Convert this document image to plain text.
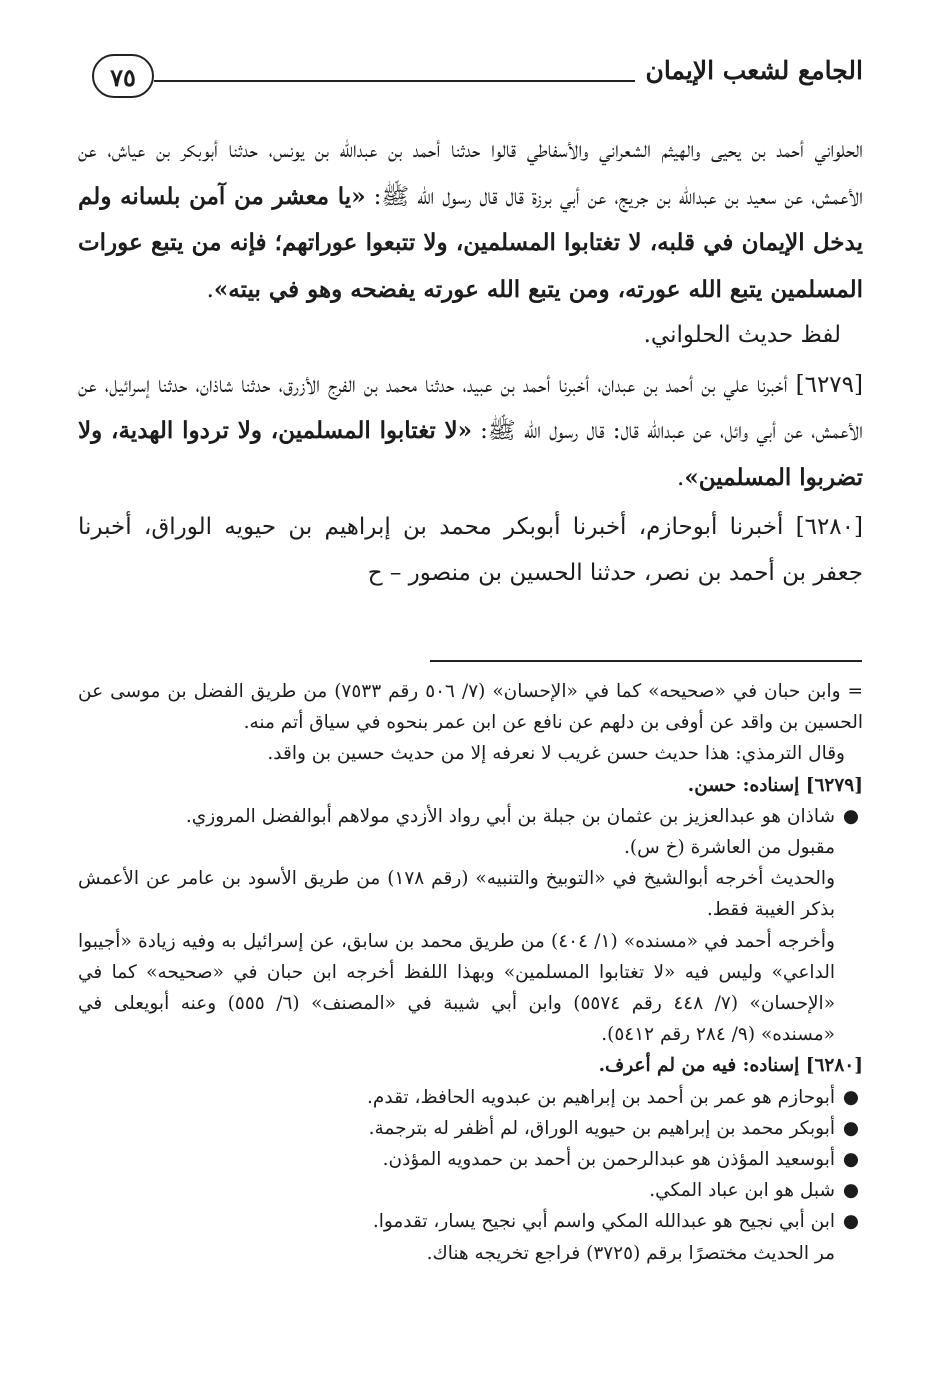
الجامع لشعب الإيمان
٧٥

الحلواني أحمد بن يحيى والهيثم الشعراني والأسفاطي قالوا حدثنا أحمد بن عبدالله بن يونس، حدثنا أبوبكر بن عياش، عن الأعمش، عن سعيد بن عبدالله بن جريج، عن أبي برزة قال قال رسول الله ﷺ: «يا معشر من آمن بلسانه ولم يدخل الإيمان في قلبه، لا تغتابوا المسلمين، ولا تتبعوا عوراتهم؛ فإنه من يتبع عورات المسلمين يتبع الله عورته، ومن يتبع الله عورته يفضحه وهو في بيته».

لفظ حديث الحلواني.

[٦٢٧٩] أخبرنا علي بن أحمد بن عبدان، أخبرنا أحمد بن عبيد، حدثنا محمد بن الفرج الأزرق، حدثنا شاذان، حدثنا إسرائيل، عن الأعمش، عن أبي وائل، عن عبدالله قال: قال رسول الله ﷺ: «لا تغتابوا المسلمين، ولا تردوا الهدية، ولا تضربوا المسلمين».

[٦٢٨٠] أخبرنا أبوحازم، أخبرنا أبوبكر محمد بن إبراهيم بن حيويه الوراق، أخبرنا جعفر بن أحمد بن نصر، حدثنا الحسين بن منصور – ح

= وابن حبان في «صحيحه» كما في «الإحسان» (٧/ ٥٠٦ رقم ٧٥٣٣) من طريق الفضل بن موسى عن الحسين بن واقد عن أوفى بن دلهم عن نافع عن ابن عمر بنحوه في سياق أتم منه.

وقال الترمذي: هذا حديث حسن غريب لا نعرفه إلا من حديث حسين بن واقد.

[٦٢٧٩] إسناده: حسن.

●
شاذان هو عبدالعزيز بن عثمان بن جبلة بن أبي رواد الأزدي مولاهم أبوالفضل المروزي.

مقبول من العاشرة (خ س).

والحديث أخرجه أبوالشيخ في «التوبيخ والتنبيه» (رقم ١٧٨) من طريق الأسود بن عامر عن الأعمش بذكر الغيبة فقط.

وأخرجه أحمد في «مسنده» (١/ ٤٠٤) من طريق محمد بن سابق، عن إسرائيل به وفيه زيادة «أجيبوا الداعي» وليس فيه «لا تغتابوا المسلمين» وبهذا اللفظ أخرجه ابن حبان في «صحيحه» كما في «الإحسان» (٧/ ٤٤٨ رقم ٥٥٧٤) وابن أبي شيبة في «المصنف» (٦/ ٥٥٥) وعنه أبويعلى في «مسنده» (٩/ ٢٨٤ رقم ٥٤١٢).

[٦٢٨٠] إسناده: فيه من لم أعرف.

●
أبوحازم هو عمر بن أحمد بن إبراهيم بن عبدويه الحافظ، تقدم.

●
أبوبكر محمد بن إبراهيم بن حيويه الوراق، لم أظفر له بترجمة.

●
أبوسعيد المؤذن هو عبدالرحمن بن أحمد بن حمدويه المؤذن.

●
شبل هو ابن عباد المكي.

●
ابن أبي نجيح هو عبدالله المكي واسم أبي نجيح يسار، تقدموا.

مر الحديث مختصرًا برقم (٣٧٢٥) فراجع تخريجه هناك.
